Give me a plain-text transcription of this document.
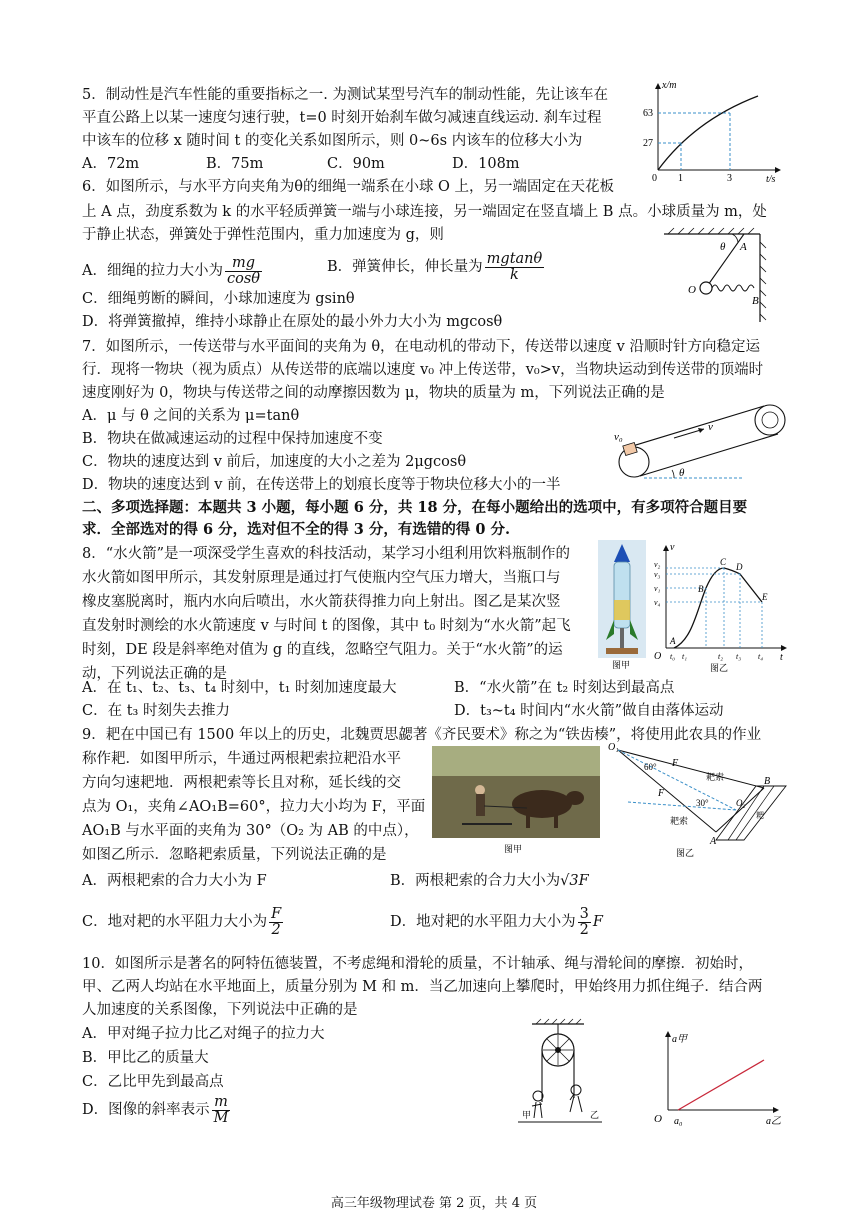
5．制动性是汽车性能的重要指标之一. 为测试某型号汽车的制动性能，先让该车在
平直公路上以某一速度匀速行驶，t=0 时刻开始刹车做匀减速直线运动. 刹车过程
中该车的位移 x 随时间 t 的变化关系如图所示，则 0~6s 内该车的位移大小为
A．72m	B．75m	C．90m	D．108m
x/m
t/s
0 1	3
63
27
6．如图所示，与水平方向夹角为θ的细绳一端系在小球 O 上，另一端固定在天花板
上 A 点，劲度系数为 k 的水平轻质弹簧一端与小球连接，另一端固定在竖直墙上 B 点。小球质量为 m，处
于静止状态，弹簧处于弹性范围内，重力加速度为 g，则
A．细绳的拉力大小为 $\frac{mg}{\cos\theta}$	B．弹簧伸长，伸长量为 $\frac{mgtan\theta}{k}$
C．细绳剪断的瞬间，小球加速度为 gsinθ
D．将弹簧撤掉，维持小球静止在原处的最小外力大小为 mgcosθ
θ A
O
B
7．如图所示，一传送带与水平面间的夹角为 θ，在电动机的带动下，传送带以速度 v 沿顺时针方向稳定运
行．现将一物块（视为质点）从传送带的底端以速度 v₀ 冲上传送带，v₀>v，当物块运动到传送带的顶端时
速度刚好为 0，物块与传送带之间的动摩擦因数为 μ，物块的质量为 m，下列说法正确的是
A．μ 与 θ 之间的关系为 μ=tanθ
B．物块在做减速运动的过程中保持加速度不变
C．物块的速度达到 v 前后，加速度的大小之差为 2μgcosθ
D．物块的速度达到 v 前，在传送带上的划痕长度等于物块位移大小的一半
v₀
v
θ
二、多项选择题：本题共 3 小题，每小题 6 分，共 18 分，在每小题给出的选项中，有多项符合题目要
求．全部选对的得 6 分，选对但不全的得 3 分，有选错的得 0 分.
8．“水火箭”是一项深受学生喜欢的科技活动，某学习小组利用饮料瓶制作的
水火箭如图甲所示，其发射原理是通过打气使瓶内空气压力增大，当瓶口与
橡皮塞脱离时，瓶内水向后喷出，水火箭获得推力向上射出。图乙是某次竖
直发射时测绘的水火箭速度 v 与时间 t 的图像，其中 t₀ 时刻为“水火箭”起飞
时刻，DE 段是斜率绝对值为 g 的直线，忽略空气阻力。关于“水火箭”的运
动，下列说法正确的是
A．在 t₁、t₂、t₃、t₄ 时刻中，t₁ 时刻加速度最大	B．“水火箭”在 t₂ 时刻达到最高点
C．在 t₃ 时刻失去推力	D．t₃~t₄ 时间内“水火箭”做自由落体运动
图甲
v
t
O
v₂
v₃
v₁
v₄
t₀ t₁	t₂ t₃ t₄
A
B
C D
E
图乙
9．耙在中国已有 1500 年以上的历史，北魏贾思勰著《齐民要术》称之为“铁齿楱”，将使用此农具的作业
称作耙．如图甲所示，牛通过两根耙索拉耙沿水平
方向匀速耙地．两根耙索等长且对称，延长线的交
点为 O₁，夹角∠AO₁B=60°，拉力大小均为 F，平面
AO₁B 与水平面的夹角为 30°（O₂ 为 AB 的中点），
如图乙所示．忽略耙索质量，下列说法正确的是	图甲
O₁
F
F
60°
30°
耙索
耙索
B
A
O₂
耙
图乙
A．两根耙索的合力大小为 F	B．两根耙索的合力大小为√3F
C．地对耙的水平阻力大小为 $\frac{F}{2}$	D．地对耙的水平阻力大小为 $\frac{3}{2}$ F
10．如图所示是著名的阿特伍德装置，不考虑绳和滑轮的质量，不计轴承、绳与滑轮间的摩擦．初始时，
甲、乙两人均站在水平地面上，质量分别为 M 和 m．当乙加速向上攀爬时，甲始终用力抓住绳子．结合两
人加速度的关系图像，下列说法中正确的是
A．甲对绳子拉力比乙对绳子的拉力大
B．甲比乙的质量大
C．乙比甲先到最高点
D．图像的斜率表示 $\frac{m}{M}$	甲	乙
a甲
a乙
O a₀
高三年级物理试卷 第 2 页，共 4 页
